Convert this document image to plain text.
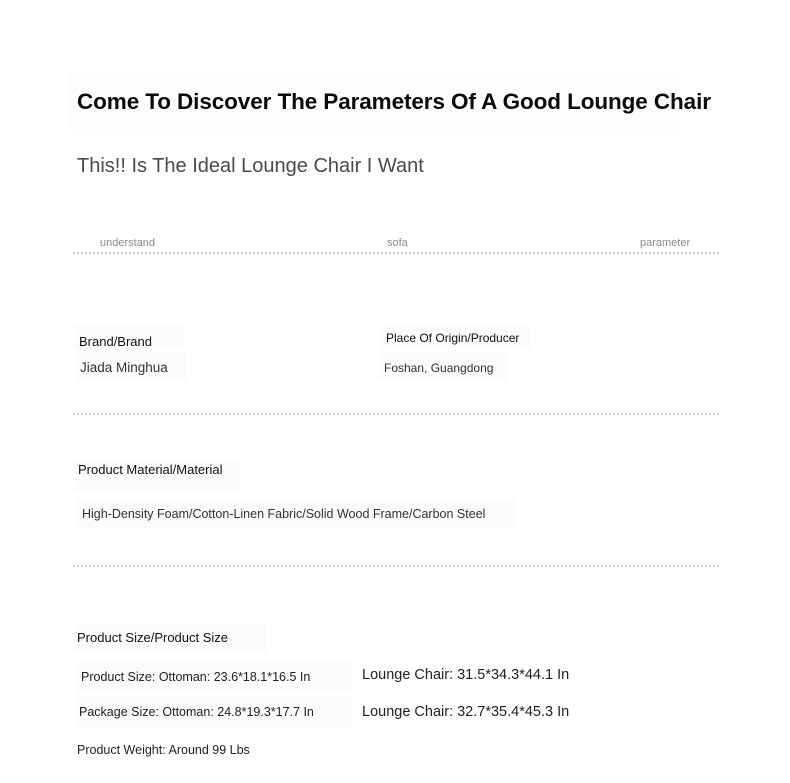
Come To Discover The Parameters Of A Good Lounge Chair
This!! Is The Ideal Lounge Chair I Want
understand	sofa	parameter
Brand/Brand
Jiada Minghua
Place Of Origin/Producer
Foshan, Guangdong
Product Material/Material
High-Density Foam/Cotton-Linen Fabric/Solid Wood Frame/Carbon Steel
Product Size/Product Size
Product Size: Ottoman: 23.6*18.1*16.5 In	Lounge Chair: 31.5*34.3*44.1 In
Package Size: Ottoman: 24.8*19.3*17.7 In	Lounge Chair: 32.7*35.4*45.3 In
Product Weight: Around 99 Lbs
